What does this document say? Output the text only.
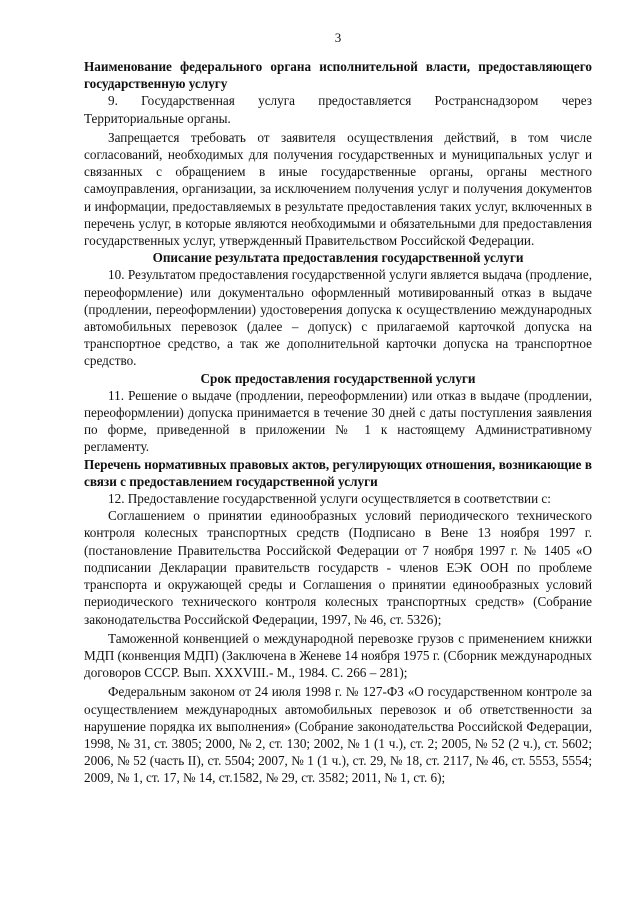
3

Наименование федерального органа исполнительной власти, предоставляющего государственную услугу

9. Государственная услуга предоставляется Ространснадзором через Территориальные органы.

Запрещается требовать от заявителя осуществления действий, в том числе согласований, необходимых для получения государственных и муниципальных услуг и связанных с обращением в иные государственные органы, органы местного самоуправления, организации, за исключением получения услуг и получения документов и информации, предоставляемых в результате предоставления таких услуг, включенных в перечень услуг, в которые являются необходимыми и обязательными для предоставления государственных услуг, утвержденный Правительством Российской Федерации.

Описание результата предоставления государственной услуги

10. Результатом предоставления государственной услуги является выдача (продление, переоформление) или документально оформленный мотивированный отказ в выдаче (продлении, переоформлении) удостоверения допуска к осуществлению международных автомобильных перевозок (далее – допуск) с прилагаемой карточкой допуска на транспортное средство, а так же дополнительной карточки допуска на транспортное средство.

Срок предоставления государственной услуги

11. Решение о выдаче (продлении, переоформлении) или отказ в выдаче (продлении, переоформлении) допуска принимается в течение 30 дней с даты поступления заявления по форме, приведенной в приложении № 1 к настоящему Административному регламенту.

Перечень нормативных правовых актов, регулирующих отношения, возникающие в связи с предоставлением государственной услуги

12. Предоставление государственной услуги осуществляется в соответствии с:

Соглашением о принятии единообразных условий периодического технического контроля колесных транспортных средств (Подписано в Вене 13 ноября 1997 г. (постановление Правительства Российской Федерации от 7 ноября 1997 г. № 1405 «О подписании Декларации правительств государств - членов ЕЭК ООН по проблеме транспорта и окружающей среды и Соглашения о принятии единообразных условий периодического технического контроля колесных транспортных средств» (Собрание законодательства Российской Федерации, 1997, № 46, ст. 5326);

Таможенной конвенцией о международной перевозке грузов с применением книжки МДП (конвенция МДП) (Заключена в Женеве 14 ноября 1975 г. (Сборник международных договоров СССР. Вып. XXXVIII.- М., 1984. С. 266 – 281);

Федеральным законом от 24 июля 1998 г. № 127-ФЗ «О государственном контроле за осуществлением международных автомобильных перевозок и об ответственности за нарушение порядка их выполнения» (Собрание законодательства Российской Федерации, 1998, № 31, ст. 3805; 2000, № 2, ст. 130; 2002, № 1 (1 ч.), ст. 2; 2005, № 52 (2 ч.), ст. 5602; 2006, № 52 (часть II), ст. 5504; 2007, № 1 (1 ч.), ст. 29, № 18, ст. 2117, № 46, ст. 5553, 5554; 2009, № 1, ст. 17, № 14, ст.1582, № 29, ст. 3582; 2011, № 1, ст. 6);
